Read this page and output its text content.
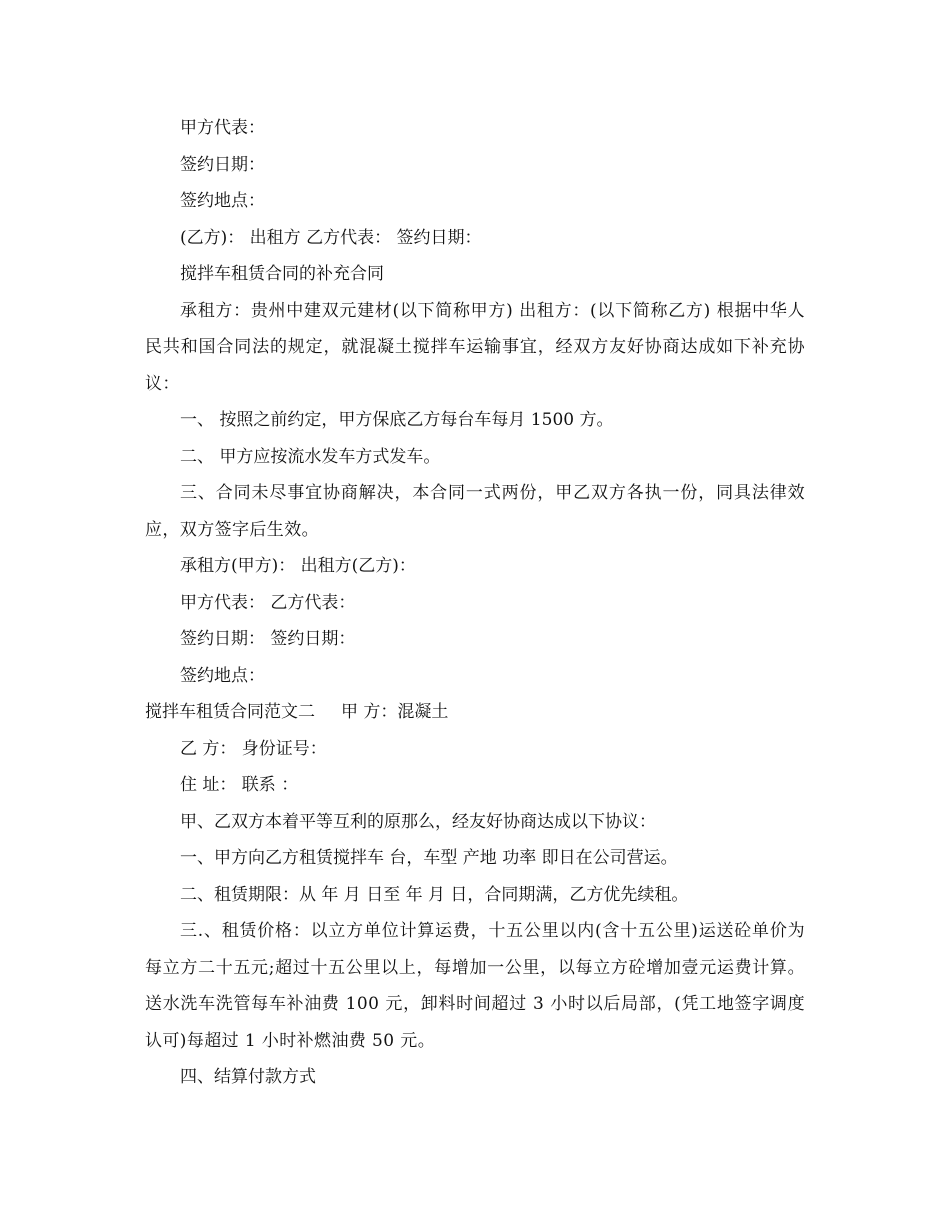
甲方代表：

签约日期：

签约地点：

(乙方)： 出租方 乙方代表： 签约日期：

搅拌车租赁合同的补充合同

承租方：贵州中建双元建材(以下简称甲方) 出租方：(以下简称乙方) 根据中华人民共和国合同法的规定，就混凝土搅拌车运输事宜，经双方友好协商达成如下补充协议：

一、 按照之前约定，甲方保底乙方每台车每月 1500 方。

二、 甲方应按流水发车方式发车。

三、合同未尽事宜协商解决，本合同一式两份，甲乙双方各执一份，同具法律效应，双方签字后生效。

承租方(甲方)： 出租方(乙方)：

甲方代表： 乙方代表：

签约日期： 签约日期：

签约地点：

搅拌车租赁合同范文二 甲 方：混凝土

乙 方： 身份证号：

住 址： 联系 ：

甲、乙双方本着平等互利的原那么，经友好协商达成以下协议：

一、甲方向乙方租赁搅拌车 台，车型 产地 功率 即日在公司营运。

二、租赁期限：从 年 月 日至 年 月 日，合同期满，乙方优先续租。

三.、租赁价格：以立方单位计算运费，十五公里以内(含十五公里)运送砼单价为每立方二十五元;超过十五公里以上，每增加一公里，以每立方砼增加壹元运费计算。送水洗车洗管每车补油费 100 元，卸料时间超过 3 小时以后局部，(凭工地签字调度认可)每超过 1 小时补燃油费 50 元。

四、结算付款方式
